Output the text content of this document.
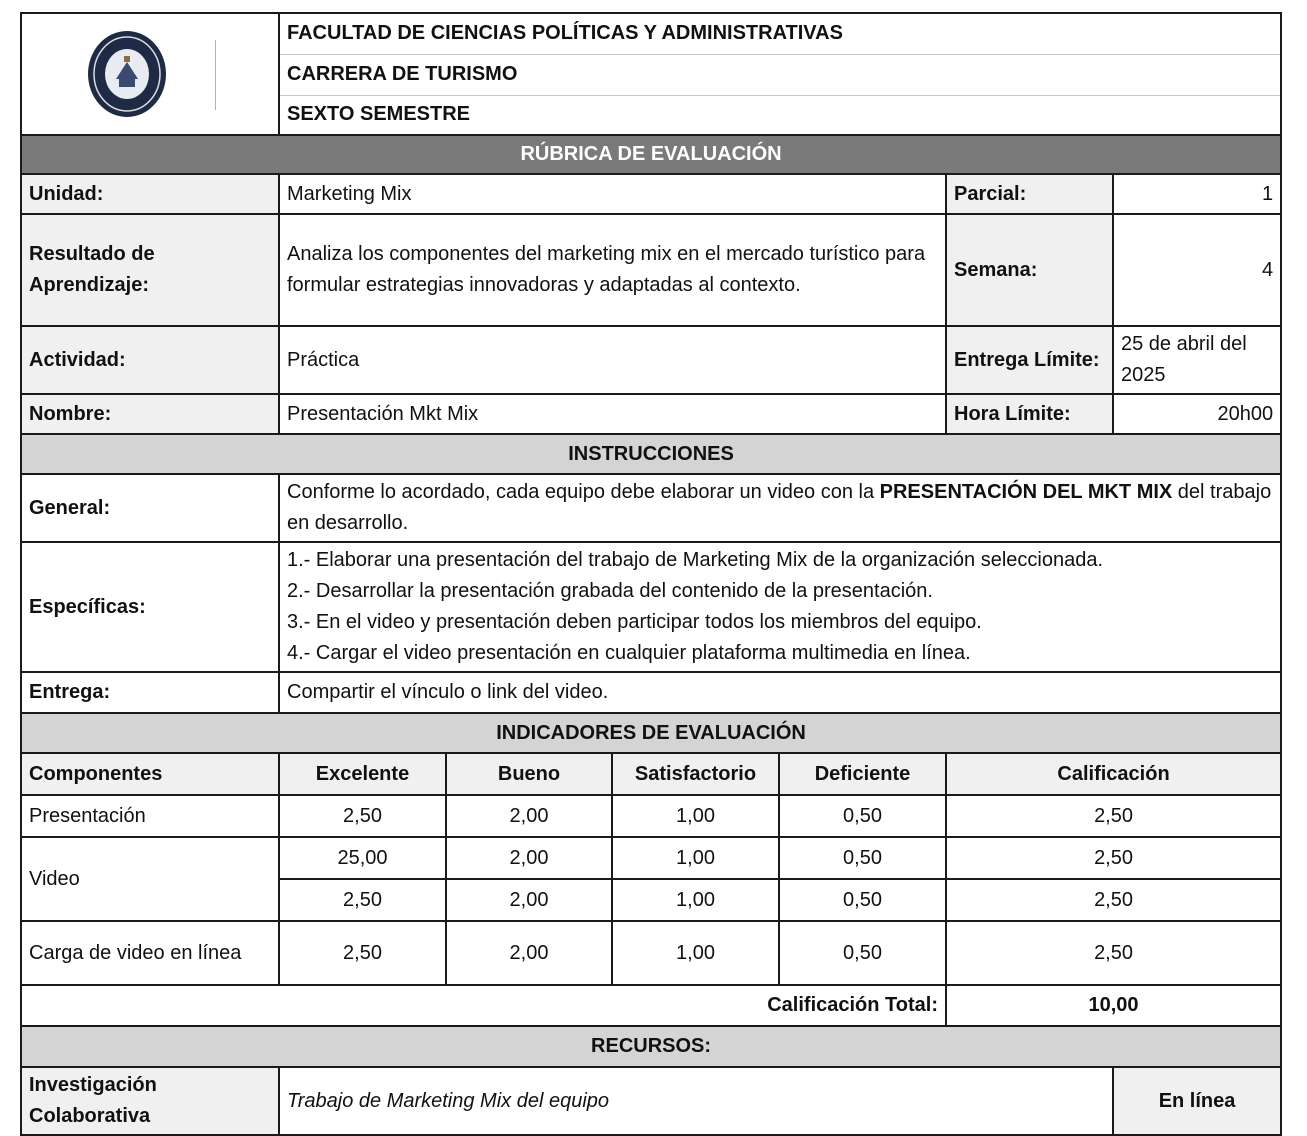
	FACULTAD DE CIENCIAS POLÍTICAS Y ADMINISTRATIVAS					
	CARRERA DE TURISMO					
	SEXTO SEMESTRE					
RÚBRICA DE EVALUACIÓN						
Unidad:	Marketing Mix				Parcial:	1
Resultado de Aprendizaje:	Analiza los componentes del marketing mix en el mercado turístico para formular estrategias innovadoras y adaptadas al contexto.				Semana:	4
Actividad:	Práctica				Entrega Límite:	25 de abril del 2025
Nombre:	Presentación Mkt Mix				Hora Límite:	20h00
INSTRUCCIONES						
General:	Conforme lo acordado, cada equipo debe elaborar un video con la PRESENTACIÓN DEL MKT MIX del trabajo en desarrollo.					
Específicas:	1.- Elaborar una presentación del trabajo de Marketing Mix de la organización seleccionada.
2.- Desarrollar la presentación grabada del contenido de la presentación.
3.- En el video y presentación deben participar todos los miembros del equipo.
4.- Cargar el video presentación en cualquier plataforma multimedia en línea.					

Entrega:	Compartir el vínculo o link del video.					
INDICADORES DE EVALUACIÓN						
Componentes	Excelente	Bueno	Satisfactorio	Deficiente	Calificación	
Presentación	2,50	2,00	1,00	0,50	2,50	
Video	25,00	2,00	1,00	0,50	2,50	
	2,50	2,00	1,00	0,50	2,50	
Carga de video en línea	2,50	2,00	1,00	0,50	2,50	
Calificación Total:					10,00	
RECURSOS:						
Investigación Colaborativa	Trabajo de Marketing Mix del equipo					En línea
